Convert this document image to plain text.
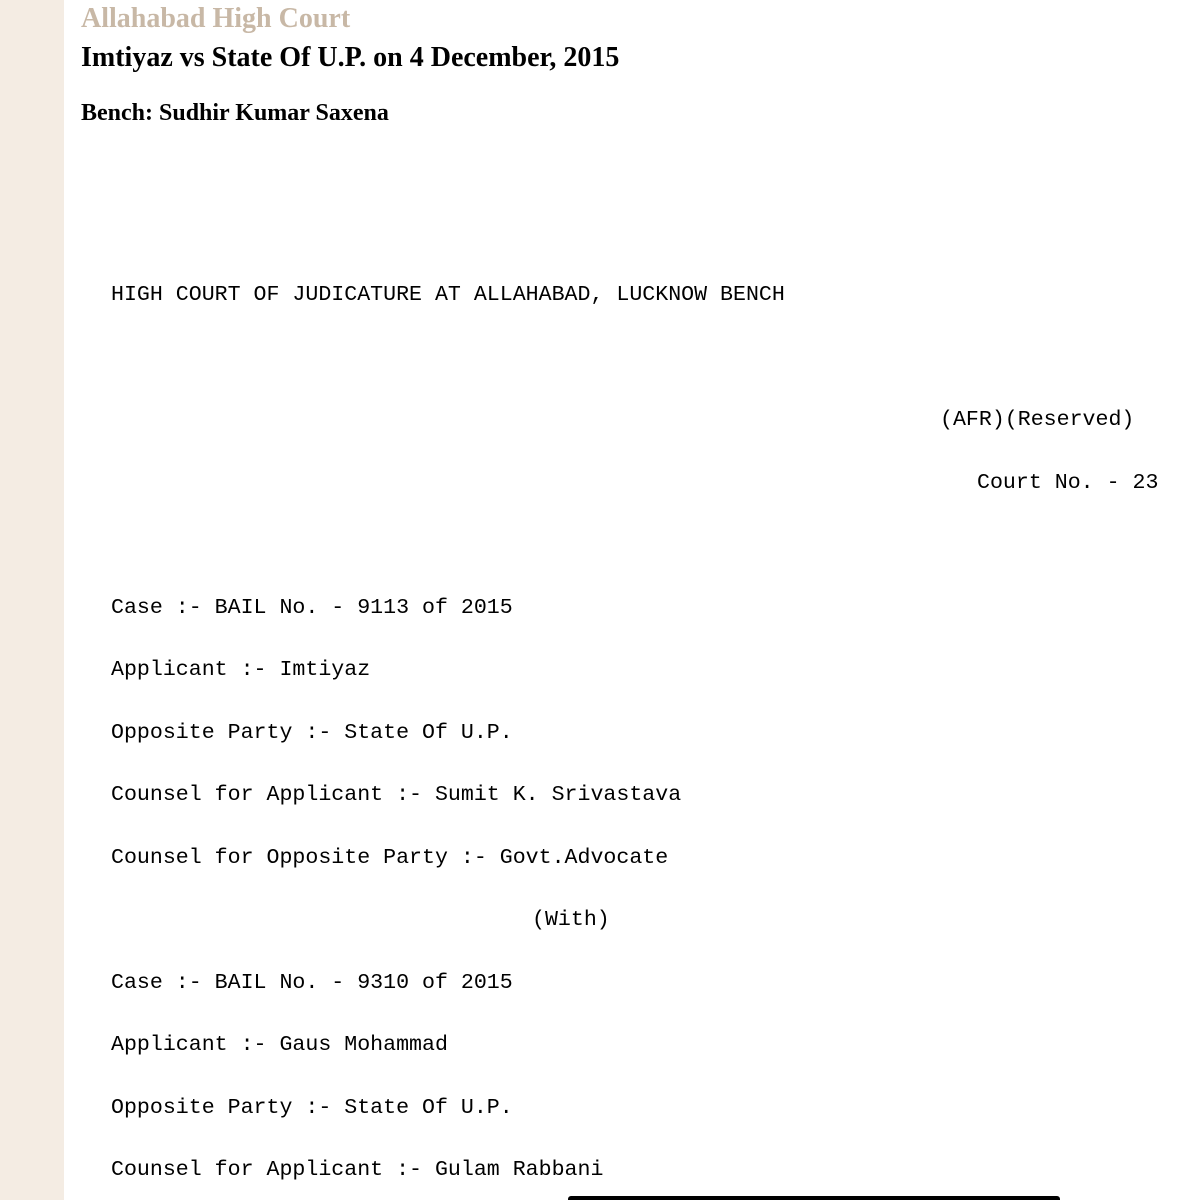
Allahabad High Court
Imtiyaz vs State Of U.P. on 4 December, 2015
Bench: Sudhir Kumar Saxena
HIGH COURT OF JUDICATURE AT ALLAHABAD, LUCKNOW BENCH
(AFR)(Reserved)
Court No. - 23
Case :- BAIL No. - 9113 of 2015
Applicant :- Imtiyaz
Opposite Party :- State Of U.P.
Counsel for Applicant :- Sumit K. Srivastava
Counsel for Opposite Party :- Govt.Advocate
(With)
Case :- BAIL No. - 9310 of 2015
Applicant :- Gaus Mohammad
Opposite Party :- State Of U.P.
Counsel for Applicant :- Gulam Rabbani
